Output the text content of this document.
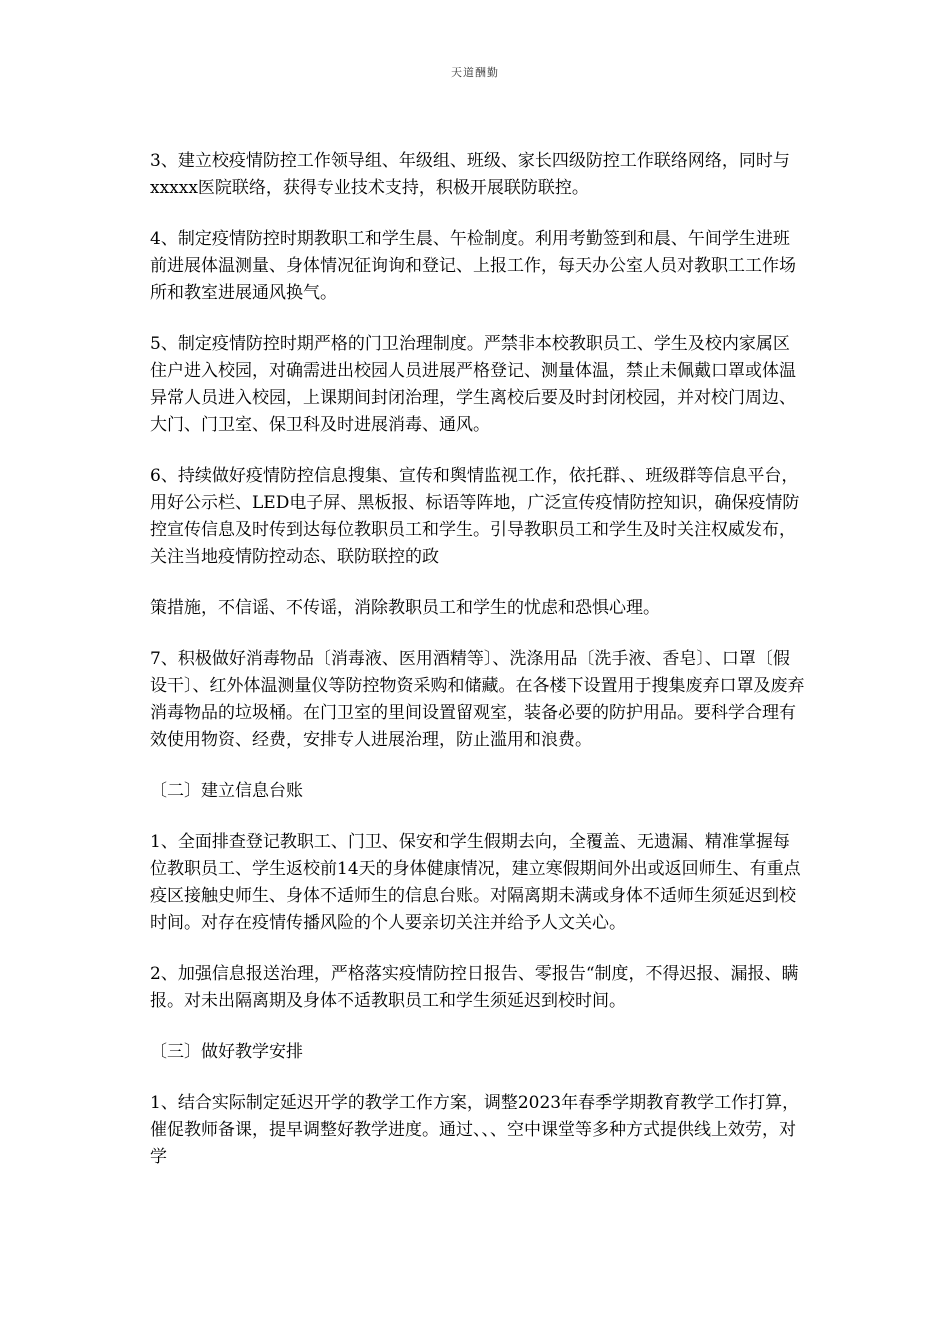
天道酬勤

3、建立校疫情防控工作领导组、年级组、班级、家长四级防控工作联络网络，同时与xxxxx医院联络，获得专业技术支持，积极开展联防联控。

4、制定疫情防控时期教职工和学生晨、午检制度。利用考勤签到和晨、午间学生进班前进展体温测量、身体情况征询询和登记、上报工作，每天办公室人员对教职工工作场所和教室进展通风换气。

5、制定疫情防控时期严格的门卫治理制度。严禁非本校教职员工、学生及校内家属区住户进入校园，对确需进出校园人员进展严格登记、测量体温，禁止未佩戴口罩或体温异常人员进入校园，上课期间封闭治理，学生离校后要及时封闭校园，并对校门周边、大门、门卫室、保卫科及时进展消毒、通风。

6、持续做好疫情防控信息搜集、宣传和舆情监视工作，依托群、、班级群等信息平台，用好公示栏、LED电子屏、黑板报、标语等阵地，广泛宣传疫情防控知识，确保疫情防控宣传信息及时传到达每位教职员工和学生。引导教职员工和学生及时关注权威发布，关注当地疫情防控动态、联防联控的政

策措施，不信谣、不传谣，消除教职员工和学生的忧虑和恐惧心理。

7、积极做好消毒物品〔消毒液、医用酒精等〕、洗涤用品〔洗手液、香皂〕、口罩〔假设干〕、红外体温测量仪等防控物资采购和储藏。在各楼下设置用于搜集废弃口罩及废弃消毒物品的垃圾桶。在门卫室的里间设置留观室，装备必要的防护用品。要科学合理有效使用物资、经费，安排专人进展治理，防止滥用和浪费。

〔二〕建立信息台账

1、全面排查登记教职工、门卫、保安和学生假期去向，全覆盖、无遗漏、精准掌握每位教职员工、学生返校前14天的身体健康情况，建立寒假期间外出或返回师生、有重点疫区接触史师生、身体不适师生的信息台账。对隔离期未满或身体不适师生须延迟到校时间。对存在疫情传播风险的个人要亲切关注并给予人文关心。

2、加强信息报送治理，严格落实疫情防控日报告、零报告“制度，不得迟报、漏报、瞒报。对未出隔离期及身体不适教职员工和学生须延迟到校时间。

〔三〕做好教学安排

1、结合实际制定延迟开学的教学工作方案，调整2023年春季学期教育教学工作打算，催促教师备课，提早调整好教学进度。通过、、、空中课堂等多种方式提供线上效劳，对学
